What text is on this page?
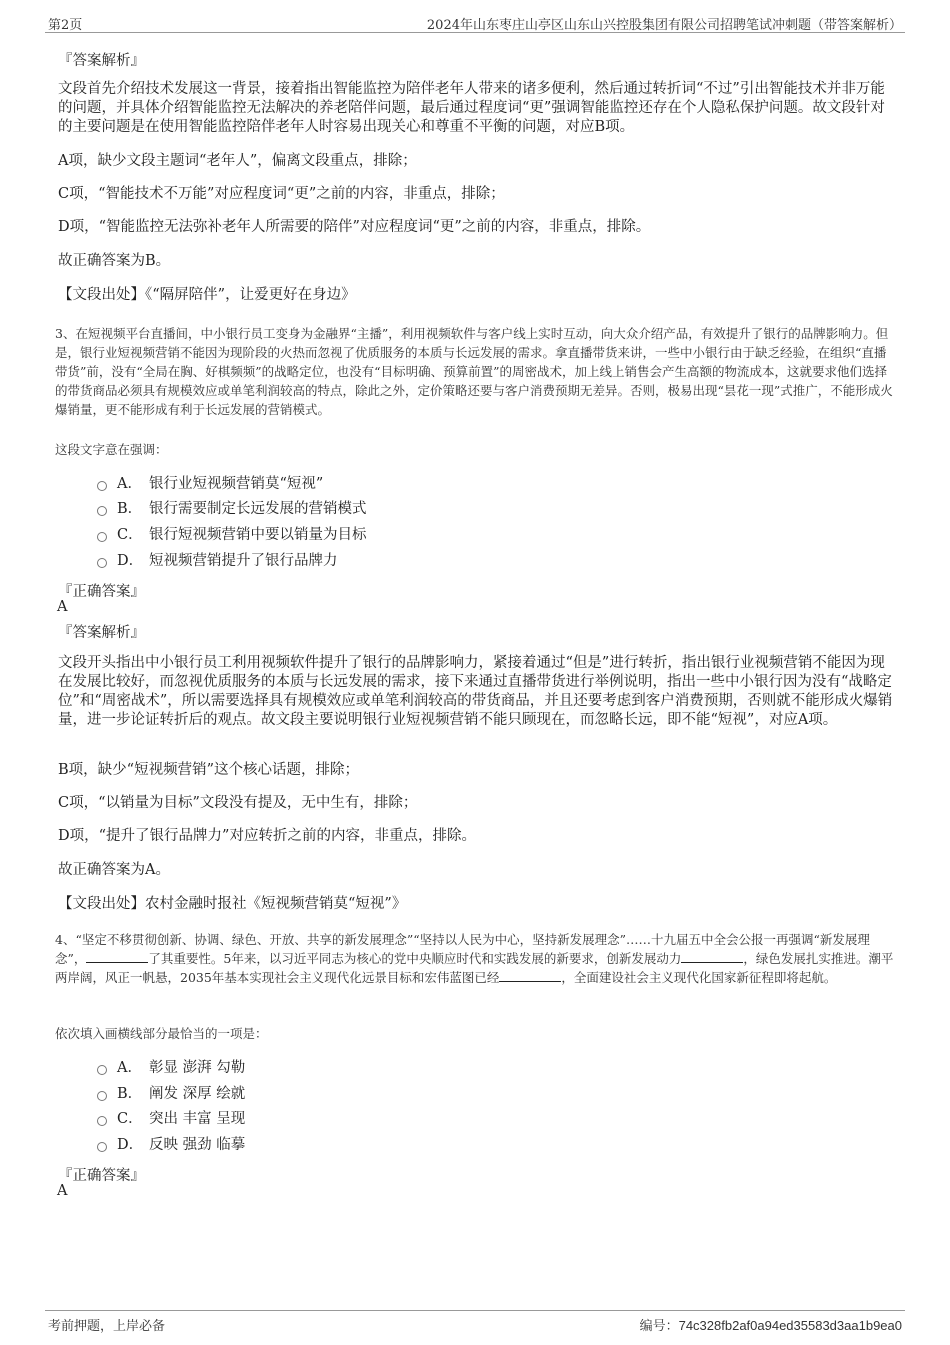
第2页	2024年山东枣庄山亭区山东山兴控股集团有限公司招聘笔试冲刺题（带答案解析）
『答案解析』
文段首先介绍技术发展这一背景，接着指出智能监控为陪伴老年人带来的诸多便利，然后通过转折词“不过”引出智能技术并非万能的问题，并具体介绍智能监控无法解决的养老陪伴问题，最后通过程度词“更”强调智能监控还存在个人隐私保护问题。故文段针对的主要问题是在使用智能监控陪伴老年人时容易出现关心和尊重不平衡的问题，对应B项。
A项，缺少文段主题词“老年人”，偏离文段重点，排除；
C项，“智能技术不万能”对应程度词“更”之前的内容，非重点，排除；
D项，“智能监控无法弥补老年人所需要的陪伴”对应程度词“更”之前的内容，非重点，排除。
故正确答案为B。
【文段出处】《“隔屏陪伴”，让爱更好在身边》
3、在短视频平台直播间，中小银行员工变身为金融界“主播”，利用视频软件与客户线上实时互动，向大众介绍产品，有效提升了银行的品牌影响力。但是，银行业短视频营销不能因为现阶段的火热而忽视了优质服务的本质与长远发展的需求。拿直播带货来讲，一些中小银行由于缺乏经验，在组织“直播带货”前，没有“全局在胸、好棋频频”的战略定位，也没有“目标明确、预算前置”的周密战术，加上线上销售会产生高额的物流成本，这就要求他们选择的带货商品必须具有规模效应或单笔利润较高的特点，除此之外，定价策略还要与客户消费预期无差异。否则，极易出现“昙花一现”式推广，不能形成火爆销量，更不能形成有利于长远发展的营销模式。
这段文字意在强调：
A． 银行业短视频营销莫“短视”
B． 银行需要制定长远发展的营销模式
C． 银行短视频营销中要以销量为目标
D． 短视频营销提升了银行品牌力
『正确答案』
A
『答案解析』
文段开头指出中小银行员工利用视频软件提升了银行的品牌影响力，紧接着通过“但是”进行转折，指出银行业视频营销不能因为现在发展比较好，而忽视优质服务的本质与长远发展的需求，接下来通过直播带货进行举例说明，指出一些中小银行因为没有“战略定位”和“周密战术”，所以需要选择具有规模效应或单笔利润较高的带货商品，并且还要考虑到客户消费预期，否则就不能形成火爆销量，进一步论证转折后的观点。故文段主要说明银行业短视频营销不能只顾现在，而忽略长远，即不能“短视”，对应A项。
B项，缺少“短视频营销”这个核心话题，排除；
C项，“以销量为目标”文段没有提及，无中生有，排除；
D项，“提升了银行品牌力”对应转折之前的内容，非重点，排除。
故正确答案为A。
【文段出处】农村金融时报社《短视频营销莫“短视”》
4、“坚定不移贯彻创新、协调、绿色、开放、共享的新发展理念”“坚持以人民为中心，坚持新发展理念”……十九届五中全会公报一再强调“新发展理念”，	了其重要性。5年来，以习近平同志为核心的党中央顺应时代和实践发展的新要求，创新发展动力	，绿色发展扎实推进。潮平两岸阔，风正一帆悬，2035年基本实现社会主义现代化远景目标和宏伟蓝图已经	，全面建设社会主义现代化国家新征程即将起航。
依次填入画横线部分最恰当的一项是：
A． 彰显 澎湃 勾勒
B． 阐发 深厚 绘就
C． 突出 丰富 呈现
D． 反映 强劲 临摹
『正确答案』
A
考前押题，上岸必备	编号：74c328fb2af0a94ed35583d3aa1b9ea0
